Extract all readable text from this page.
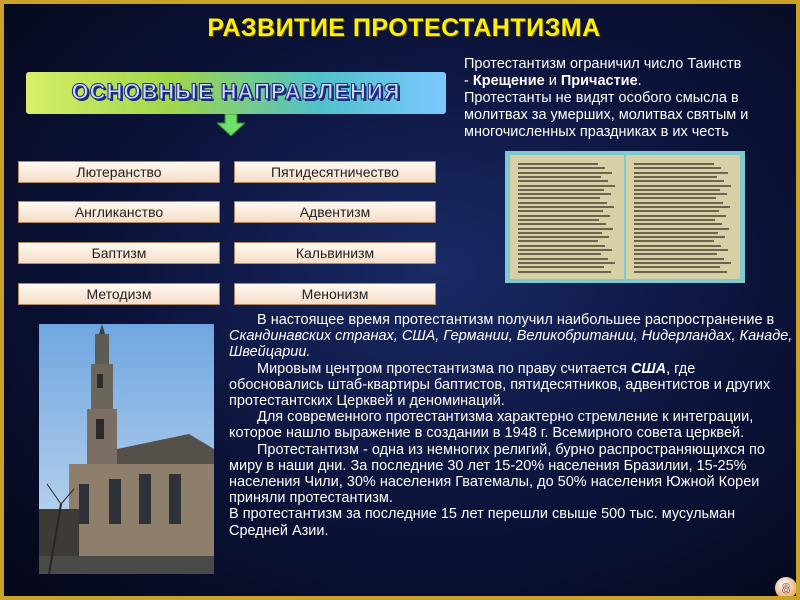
РАЗВИТИЕ ПРОТЕСТАНТИЗМА
ОСНОВНЫЕ НАПРАВЛЕНИЯ
Лютеранство
Англиканство
Баптизм
Методизм
Пятидесятничество
Адвентизм
Кальвинизм
Менонизм
Протестантизм ограничил число Таинств
- Крещение и Причастие.
Протестанты не видят особого смысла в молитвах за умерших, молитвах святым и многочисленных праздниках в их честь

В настоящее время протестантизм получил наибольшее распространение в Скандинавских странах, США, Германии, Великобритании, Нидерландах, Канаде, Швейцарии.

Мировым центром протестантизма по праву считается США, где обосновались штаб-квартиры баптистов, пятидесятников, адвентистов и других протестантских Церквей и деноминаций.

Для современного протестантизма характерно стремление к интеграции, которое нашло выражение в создании в 1948 г. Всемирного совета церквей.

Протестантизм - одна из немногих религий, бурно распространяющихся по миру в наши дни. За последние 30 лет 15-20% населения Бразилии, 15-25% населения Чили, 30% населения Гватемалы, до 50% населения Южной Кореи приняли протестантизм.

В протестантизм за последние 15 лет перешли свыше 500 тыс. мусульман Средней Азии.

8
